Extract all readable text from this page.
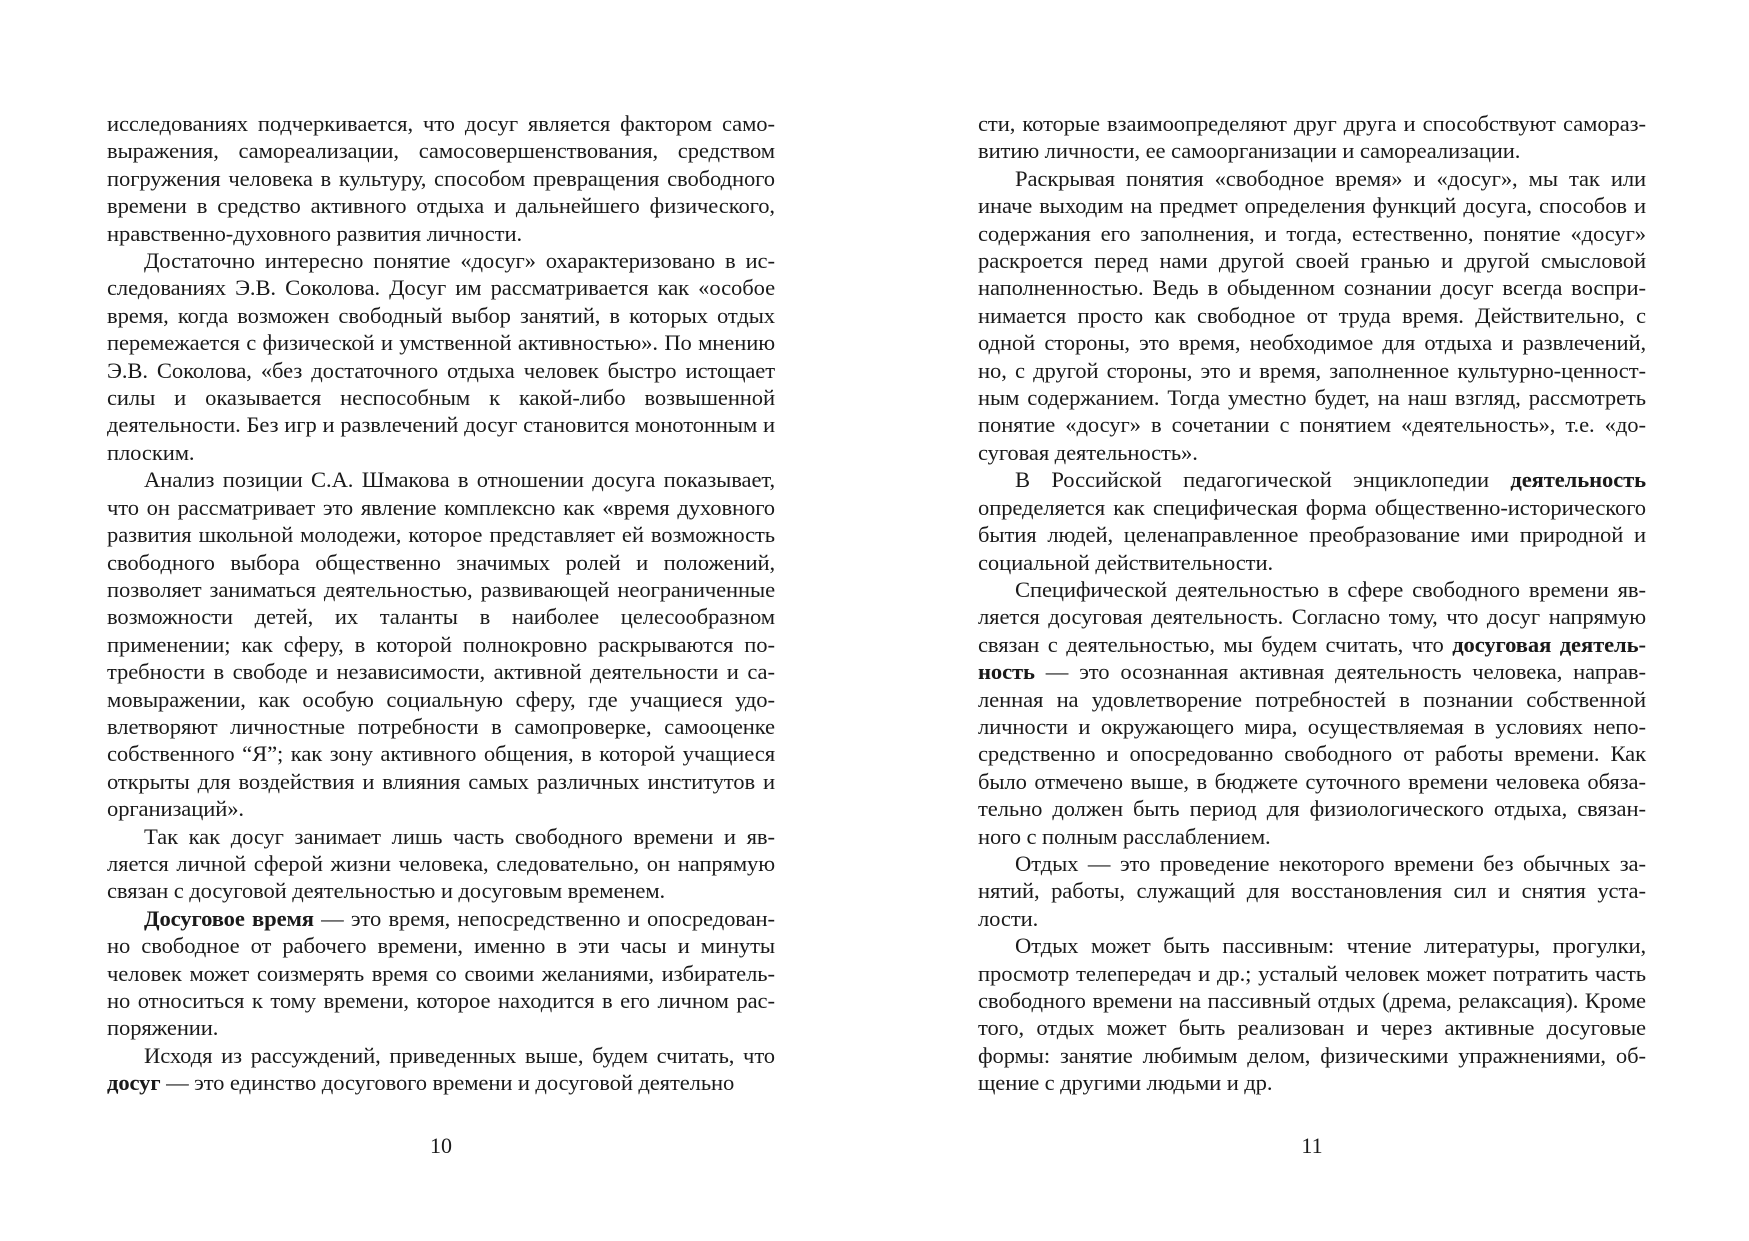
исследованиях подчеркивается, что досуг является фактором самовыражения, самореализации, самосовершенствования, средством погружения человека в культуру, способом превращения свободного времени в средство активного отдыха и дальнейшего физического, нравственно-духовного развития личности.

Достаточно интересно понятие «досуг» охарактеризовано в исследованиях Э.В. Соколова. Досуг им рассматривается как «особое время, когда возможен свободный выбор занятий, в которых отдых перемежается с физической и умственной активностью». По мнению Э.В. Соколова, «без достаточного отдыха человек быстро истощает силы и оказывается неспособным к какой-либо возвышенной деятельности. Без игр и развлечений досуг становится монотонным и плоским.

Анализ позиции С.А. Шмакова в отношении досуга показывает, что он рассматривает это явление комплексно как «время духовного развития школьной молодежи, которое представляет ей возможность свободного выбора общественно значимых ролей и положений, позволяет заниматься деятельностью, развивающей неограниченные возможности детей, их таланты в наиболее целесообразном применении; как сферу, в которой полнокровно раскрываются потребности в свободе и независимости, активной деятельности и самовыражении, как особую социальную сферу, где учащиеся удовлетворяют личностные потребности в самопроверке, самооценке собственного “Я”; как зону активного общения, в которой учащиеся открыты для воздействия и влияния самых различных институтов и организаций».

Так как досуг занимает лишь часть свободного времени и является личной сферой жизни человека, следовательно, он напрямую связан с досуговой деятельностью и досуговым временем.

Досуговое время — это время, непосредственно и опосредованно свободное от рабочего времени, именно в эти часы и минуты человек может соизмерять время со своими желаниями, избирательно относиться к тому времени, которое находится в его личном распоряжении.

Исходя из рассуждений, приведенных выше, будем считать, что досуг — это единство досугового времени и досуговой деятельно

10

сти, которые взаимоопределяют друг друга и способствуют саморазвитию личности, ее самоорганизации и самореализации.

Раскрывая понятия «свободное время» и «досуг», мы так или иначе выходим на предмет определения функций досуга, способов и содержания его заполнения, и тогда, естественно, понятие «досуг» раскроется перед нами другой своей гранью и другой смысловой наполненностью. Ведь в обыденном сознании досуг всегда воспринимается просто как свободное от труда время. Действительно, с одной стороны, это время, необходимое для отдыха и развлечений, но, с другой стороны, это и время, заполненное культурно-ценностным содержанием. Тогда уместно будет, на наш взгляд, рассмотреть понятие «досуг» в сочетании с понятием «деятельность», т.е. «досуговая деятельность».

В Российской педагогической энциклопедии деятельность определяется как специфическая форма общественно-исторического бытия людей, целенаправленное преобразование ими природной и социальной действительности.

Специфической деятельностью в сфере свободного времени является досуговая деятельность. Согласно тому, что досуг напрямую связан с деятельностью, мы будем считать, что досуговая деятельность — это осознанная активная деятельность человека, направленная на удовлетворение потребностей в познании собственной личности и окружающего мира, осуществляемая в условиях непосредственно и опосредованно свободного от работы времени. Как было отмечено выше, в бюджете суточного времени человека обязательно должен быть период для физиологического отдыха, связанного с полным расслаблением.

Отдых — это проведение некоторого времени без обычных занятий, работы, служащий для восстановления сил и снятия усталости.

Отдых может быть пассивным: чтение литературы, прогулки, просмотр телепередач и др.; усталый человек может потратить часть свободного времени на пассивный отдых (дрема, релаксация). Кроме того, отдых может быть реализован и через активные досуговые формы: занятие любимым делом, физическими упражнениями, общение с другими людьми и др.

11
